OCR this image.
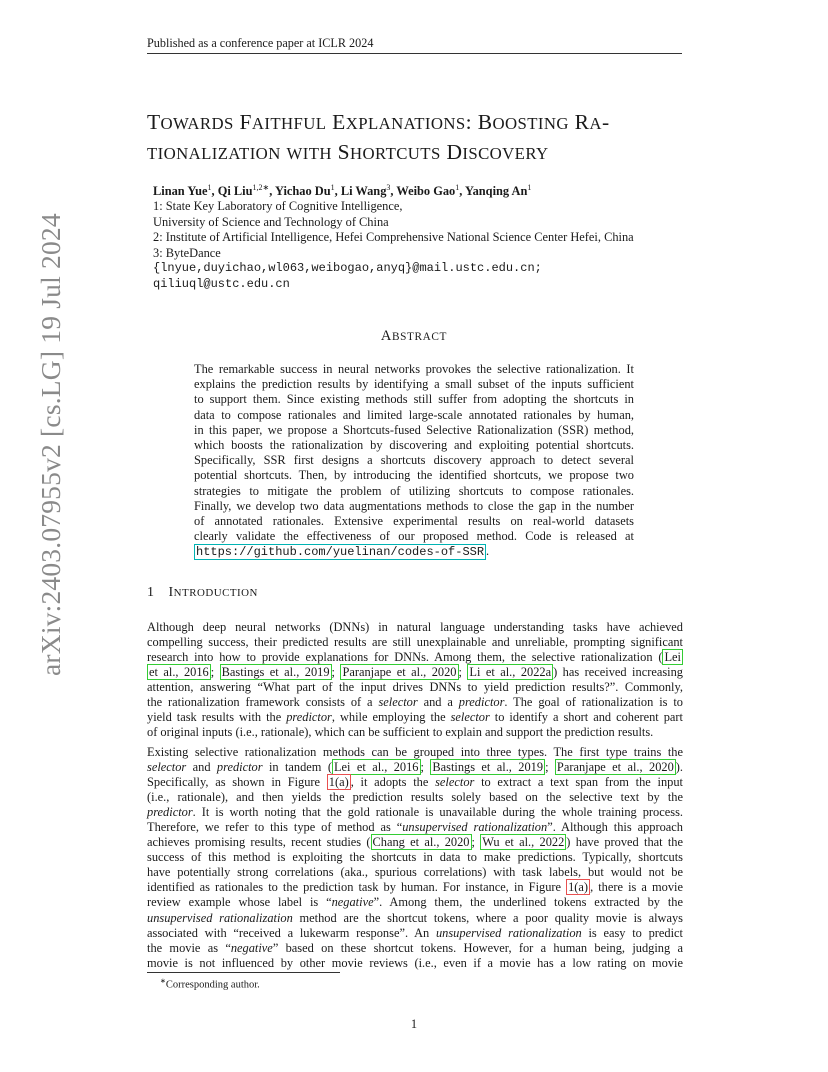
Published as a conference paper at ICLR 2024
arXiv:2403.07955v2 [cs.LG] 19 Jul 2024
TOWARDS FAITHFUL EXPLANATIONS: BOOSTING RA-
TIONALIZATION WITH SHORTCUTS DISCOVERY
Linan Yue$^1$, Qi Liu$^{1,2∗}$, Yichao Du$^1$, Li Wang$^3$, Weibo Gao$^1$, Yanqing An$^1$
1: State Key Laboratory of Cognitive Intelligence,
University of Science and Technology of China
2: Institute of Artificial Intelligence, Hefei Comprehensive National Science Center Hefei, China
3: ByteDance
{lnyue,duyichao,wl063,weibogao,anyq}@mail.ustc.edu.cn;
qiliuql@ustc.edu.cn
ABSTRACT
The remarkable success in neural networks provokes the selective rationalization. It
explains the prediction results by identifying a small subset of the inputs sufficient
to support them. Since existing methods still suffer from adopting the shortcuts in
data to compose rationales and limited large-scale annotated rationales by human,
in this paper, we propose a Shortcuts-fused Selective Rationalization (SSR) method,
which boosts the rationalization by discovering and exploiting potential shortcuts.
Specifically, SSR first designs a shortcuts discovery approach to detect several
potential shortcuts. Then, by introducing the identified shortcuts, we propose two
strategies to mitigate the problem of utilizing shortcuts to compose rationales.
Finally, we develop two data augmentations methods to close the gap in the number
of annotated rationales. Extensive experimental results on real-world datasets
clearly validate the effectiveness of our proposed method. Code is released at
https://github.com/yuelinan/codes-of-SSR .
1 INTRODUCTION
Although deep neural networks (DNNs) in natural language understanding tasks have achieved
compelling success, their predicted results are still unexplainable and unreliable, prompting significant
research into how to provide explanations for DNNs. Among them, the selective rationalization ( Lei
et al., 2016 ; Bastings et al., 2019 ; Paranjape et al., 2020 ; Li et al., 2022a ) has received increasing
attention, answering “What part of the input drives DNNs to yield prediction results?”. Commonly,
the rationalization framework consists of a selector and a predictor. The goal of rationalization is to
yield task results with the predictor, while employing the selector to identify a short and coherent part
of original inputs (i.e., rationale), which can be sufficient to explain and support the prediction results.
Existing selective rationalization methods can be grouped into three types. The first type trains the
selector and predictor in tandem ( Lei et al., 2016 ; Bastings et al., 2019 ; Paranjape et al., 2020 ).
Specifically, as shown in Figure 1(a) , it adopts the selector to extract a text span from the input
(i.e., rationale), and then yields the prediction results solely based on the selective text by the
predictor. It is worth noting that the gold rationale is unavailable during the whole training process.
Therefore, we refer to this type of method as “unsupervised rationalization”. Although this approach
achieves promising results, recent studies ( Chang et al., 2020 ; Wu et al., 2022 ) have proved that the
success of this method is exploiting the shortcuts in data to make predictions. Typically, shortcuts
have potentially strong correlations (aka., spurious correlations) with task labels, but would not be
identified as rationales to the prediction task by human. For instance, in Figure 1(a) , there is a movie
review example whose label is “negative”. Among them, the underlined tokens extracted by the
unsupervised rationalization method are the shortcut tokens, where a poor quality movie is always
associated with “received a lukewarm response”. An unsupervised rationalization is easy to predict
the movie as “negative” based on these shortcut tokens. However, for a human being, judging a
movie is not influenced by other movie reviews (i.e., even if a movie has a low rating on movie
∗Corresponding author.
1
